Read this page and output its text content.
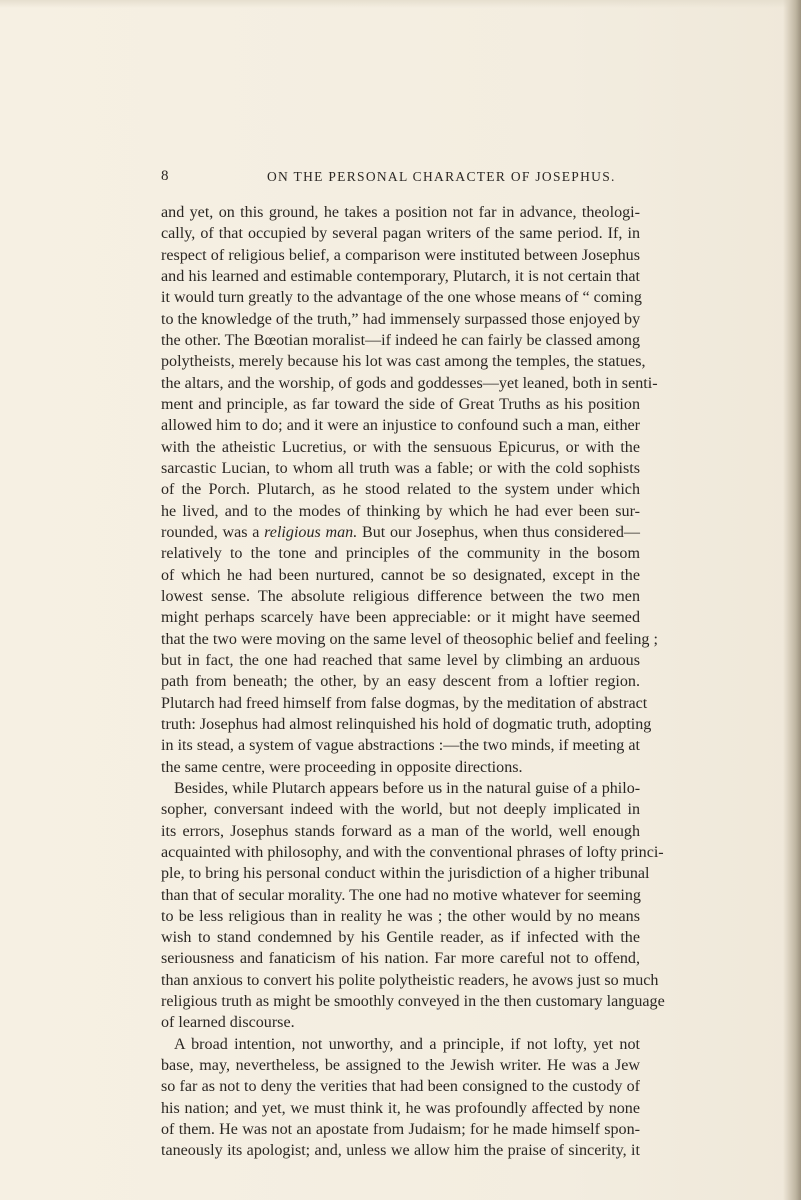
8	ON THE PERSONAL CHARACTER OF JOSEPHUS.
and yet, on this ground, he takes a position not far in advance, theologi-
cally, of that occupied by several pagan writers of the same period. If, in
respect of religious belief, a comparison were instituted between Josephus
and his learned and estimable contemporary, Plutarch, it is not certain that
it would turn greatly to the advantage of the one whose means of “ coming
to the knowledge of the truth,” had immensely surpassed those enjoyed by
the other. The Bœotian moralist—if indeed he can fairly be classed among
polytheists, merely because his lot was cast among the temples, the statues,
the altars, and the worship, of gods and goddesses—yet leaned, both in senti-
ment and principle, as far toward the side of Great Truths as his position
allowed him to do; and it were an injustice to confound such a man, either
with the atheistic Lucretius, or with the sensuous Epicurus, or with the
sarcastic Lucian, to whom all truth was a fable; or with the cold sophists
of the Porch. Plutarch, as he stood related to the system under which
he lived, and to the modes of thinking by which he had ever been sur-
rounded, was a religious man. But our Josephus, when thus considered—
relatively to the tone and principles of the community in the bosom
of which he had been nurtured, cannot be so designated, except in the
lowest sense. The absolute religious difference between the two men
might perhaps scarcely have been appreciable: or it might have seemed
that the two were moving on the same level of theosophic belief and feeling ;
but in fact, the one had reached that same level by climbing an arduous
path from beneath; the other, by an easy descent from a loftier region.
Plutarch had freed himself from false dogmas, by the meditation of abstract
truth: Josephus had almost relinquished his hold of dogmatic truth, adopting
in its stead, a system of vague abstractions :—the two minds, if meeting at
the same centre, were proceeding in opposite directions.
Besides, while Plutarch appears before us in the natural guise of a philo-
sopher, conversant indeed with the world, but not deeply implicated in
its errors, Josephus stands forward as a man of the world, well enough
acquainted with philosophy, and with the conventional phrases of lofty princi-
ple, to bring his personal conduct within the jurisdiction of a higher tribunal
than that of secular morality. The one had no motive whatever for seeming
to be less religious than in reality he was ; the other would by no means
wish to stand condemned by his Gentile reader, as if infected with the
seriousness and fanaticism of his nation. Far more careful not to offend,
than anxious to convert his polite polytheistic readers, he avows just so much
religious truth as might be smoothly conveyed in the then customary language
of learned discourse.
A broad intention, not unworthy, and a principle, if not lofty, yet not
base, may, nevertheless, be assigned to the Jewish writer. He was a Jew
so far as not to deny the verities that had been consigned to the custody of
his nation; and yet, we must think it, he was profoundly affected by none
of them. He was not an apostate from Judaism; for he made himself spon-
taneously its apologist; and, unless we allow him the praise of sincerity, it
